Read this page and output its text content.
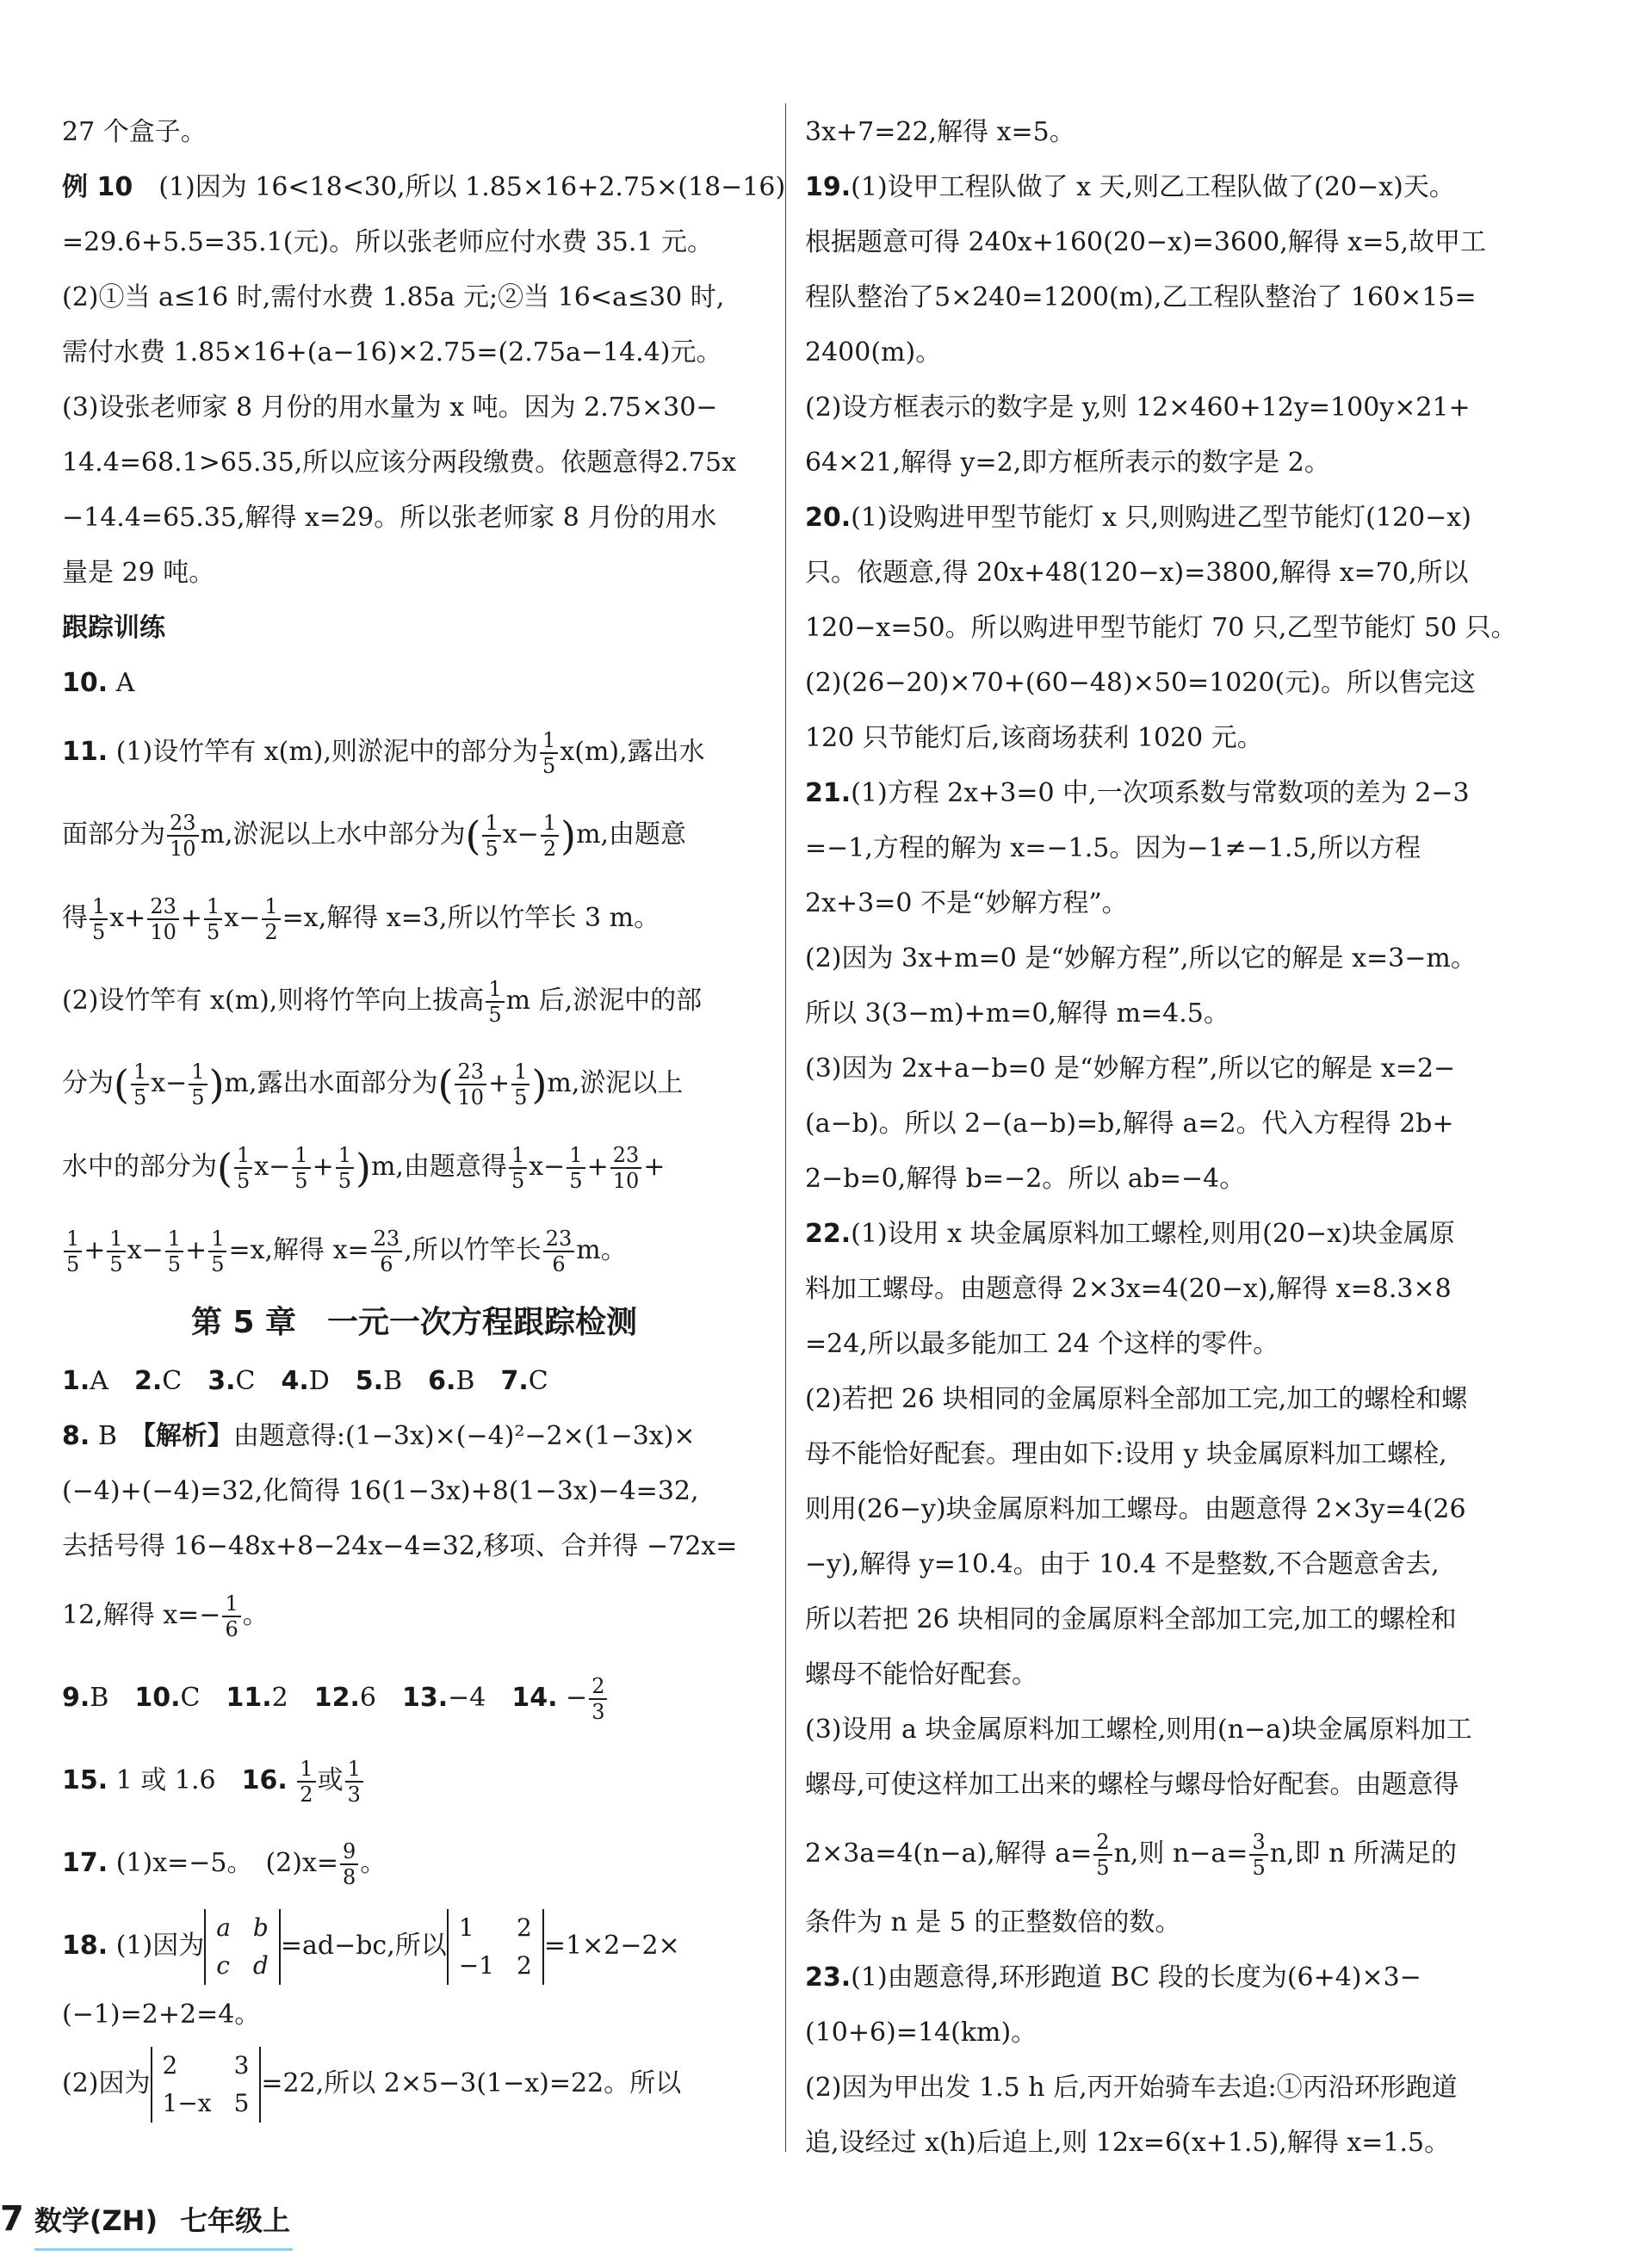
27 个盒子。

例 10　 (1)因为 16<18<30,所以 1.85×16+2.75×(18−16)

=29.6+5.5=35.1(元)。所以张老师应付水费 35.1 元。

(2)①当 a≤16 时,需付水费 1.85a 元;②当 16<a≤30 时,

需付水费 1.85×16+(a−16)×2.75=(2.75a−14.4)元。

(3)设张老师家 8 月份的用水量为 x 吨。因为 2.75×30−

14.4=68.1>65.35,所以应该分两段缴费。依题意得2.75x

−14.4=65.35,解得 x=29。所以张老师家 8 月份的用水

量是 29 吨。

跟踪训练

10. A

11. (1)设竹竿有 x(m),则淤泥中的部分为 $\frac{1}{5} x(m)$,露出水

面部分为 $\frac{23}{10} m$,淤泥以上水中部分为( $\frac{1}{5} x- \frac{1}{2} )m$,由题意

得 $\frac{1}{5} x+ \frac{23}{10} + \frac{1}{5} x- \frac{1}{2} =x$,解得 x=3,所以竹竿长 3 m。

(2)设竹竿有 x(m),则将竹竿向上拔高 $\frac{1}{5}$ m 后,淤泥中的部

分为( $\frac{1}{5} x- \frac{1}{5} )m$,露出水面部分为( $\frac{23}{10} + \frac{1}{5} )m$,淤泥以上

水中的部分为( $\frac{1}{5} x- \frac{1}{5} + \frac{1}{5} )m$,由题意得 $\frac{1}{5} x- \frac{1}{5} + \frac{23}{10}$ +

$\frac{1}{5} + \frac{1}{5} x- \frac{1}{5} + \frac{1}{5} =x$,解得 $x= \frac{23}{6}$ ,所以竹竿长 $\frac{23}{6}$ m。

第 5 章　一元一次方程跟踪检测

1.A　 2.C　 3.C　 4.D　 5.B　 6.B　 7.C　

8. B　 【解析】由题意得:(1−3x)×(−4)²−2×(1−3x)×

(−4)+(−4)=32,化简得 16(1−3x)+8(1−3x)−4=32,

去括号得 16−48x+8−24x−4=32,移项、合并得 −72x=

12,解得 $x=- \frac{1}{6}$ 。

9.B　 10.C　 11.2　 12.6　 13.−4　 14. − $\frac{2}{3}$

15. 1 或 1.6　 16. $\frac{1}{2}$ 或 $\frac{1}{3}$

17. (1)x=−5。　$(2)x= \frac{9}{8}$ 。

18. (1)因为
a b
c d
=ad−bc,所以
1	2
−1 2
=1×2−2×

(−1)=2+2=4。

(2)因为
2	3
1−x 5
=22,所以 2×5−3(1−x)=22。所以

3x+7=22,解得 x=5。

19.(1)设甲工程队做了 x 天,则乙工程队做了(20−x)天。

根据题意可得 240x+160(20−x)=3600,解得 x=5,故甲工

程队整治了5×240=1200(m),乙工程队整治了 160×15=

2400(m)。

(2)设方框表示的数字是 y,则 12×460+12y=100y×21+

64×21,解得 y=2,即方框所表示的数字是 2。

20.(1)设购进甲型节能灯 x 只,则购进乙型节能灯(120−x)

只。依题意,得 20x+48(120−x)=3800,解得 x=70,所以

120−x=50。所以购进甲型节能灯 70 只,乙型节能灯 50 只。

(2)(26−20)×70+(60−48)×50=1020(元)。所以售完这

120 只节能灯后,该商场获利 1020 元。

21.(1)方程 2x+3=0 中,一次项系数与常数项的差为 2−3

=−1,方程的解为 x=−1.5。因为−1≠−1.5,所以方程

2x+3=0 不是“妙解方程”。

(2)因为 3x+m=0 是“妙解方程”,所以它的解是 x=3−m。

所以 3(3−m)+m=0,解得 m=4.5。

(3)因为 2x+a−b=0 是“妙解方程”,所以它的解是 x=2−

(a−b)。所以 2−(a−b)=b,解得 a=2。代入方程得 2b+

2−b=0,解得 b=−2。所以 ab=−4。

22.(1)设用 x 块金属原料加工螺栓,则用(20−x)块金属原

料加工螺母。由题意得 2×3x=4(20−x),解得 x=8.3×8

=24,所以最多能加工 24 个这样的零件。

(2)若把 26 块相同的金属原料全部加工完,加工的螺栓和螺

母不能恰好配套。理由如下:设用 y 块金属原料加工螺栓,

则用(26−y)块金属原料加工螺母。由题意得 2×3y=4(26

−y),解得 y=10.4。由于 10.4 不是整数,不合题意舍去,

所以若把 26 块相同的金属原料全部加工完,加工的螺栓和

螺母不能恰好配套。

(3)设用 a 块金属原料加工螺栓,则用(n−a)块金属原料加工

螺母,可使这样加工出来的螺栓与螺母恰好配套。由题意得

2×3a=4(n−a),解得 $a= \frac{2}{5} n$,则 $n-a= \frac{3}{5} n$,即 n 所满足的

条件为 n 是 5 的正整数倍的数。

23.(1)由题意得,环形跑道 BC 段的长度为(6+4)×3−

(10+6)=14(km)。

(2)因为甲出发 1.5 h 后,丙开始骑车去追:①丙沿环形跑道

追,设经过 x(h)后追上,则 12x=6(x+1.5),解得 x=1.5。

7 数学(ZH) 七年级上
